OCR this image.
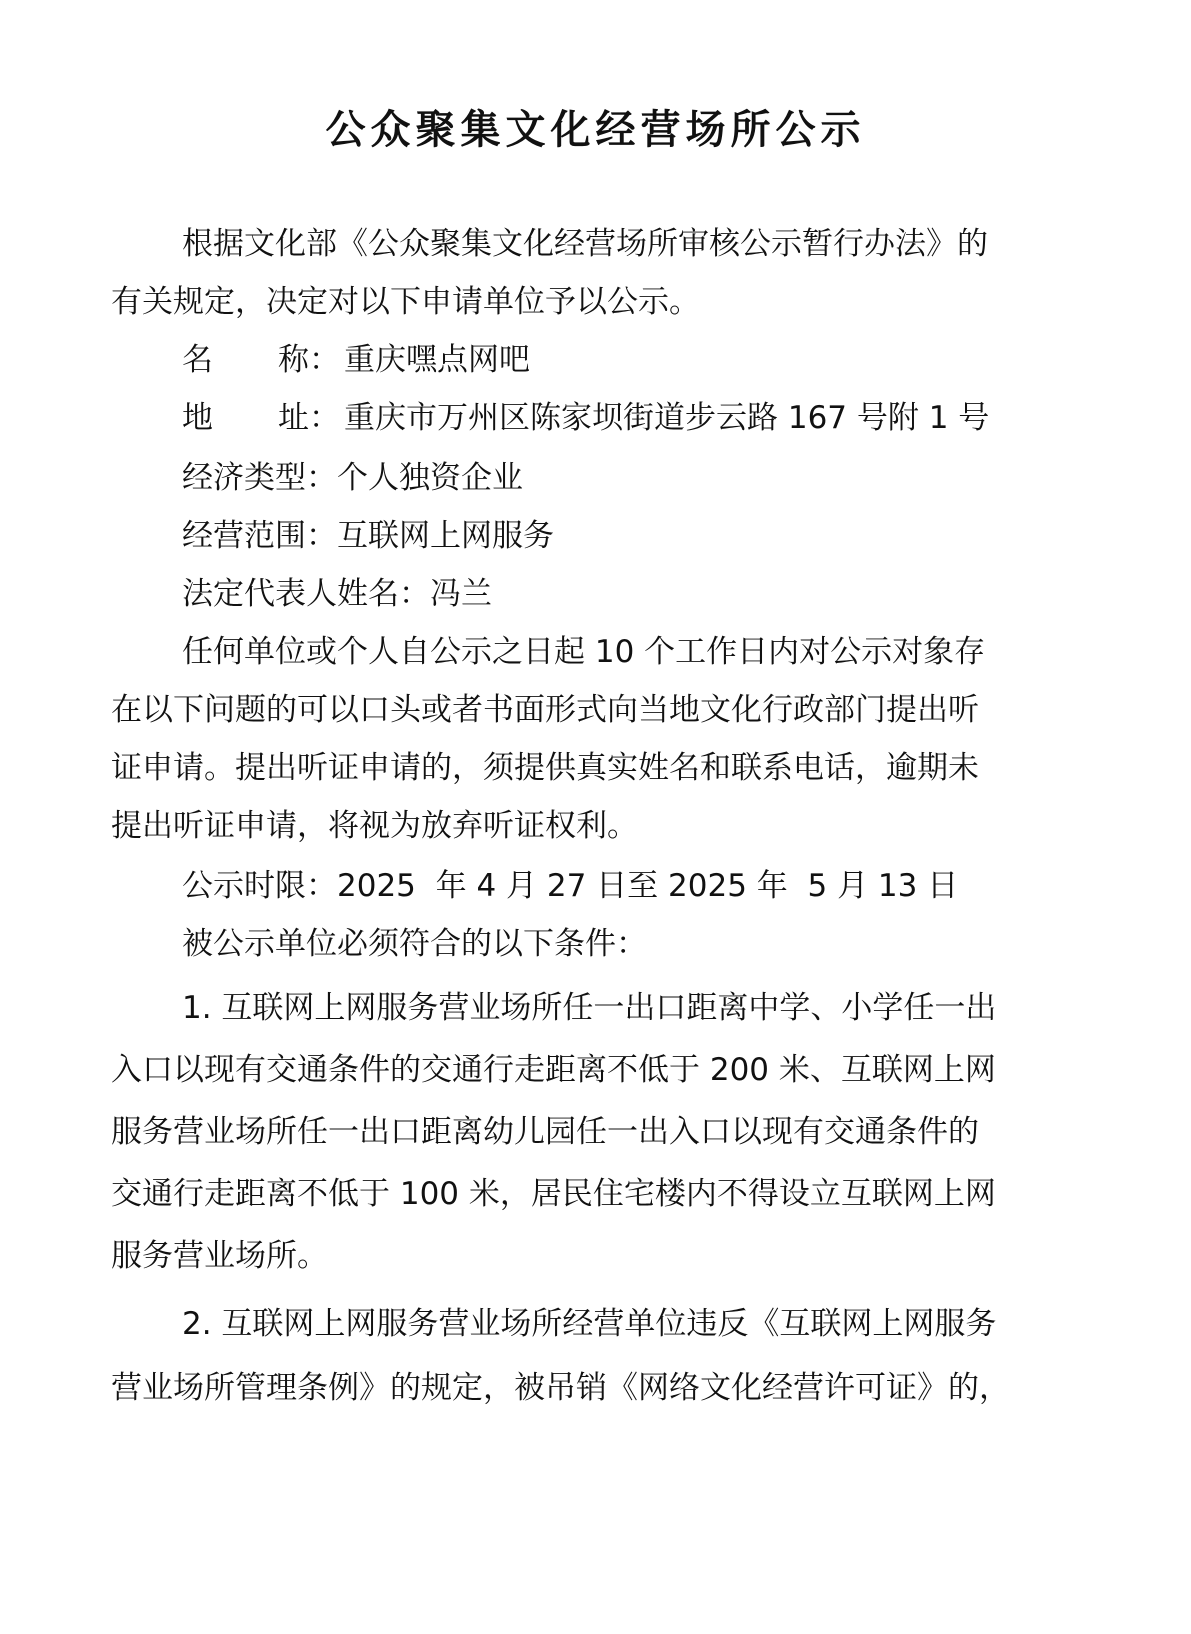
公众聚集文化经营场所公示
根据文化部《公众聚集文化经营场所审核公示暂行办法》的
有关规定，决定对以下申请单位予以公示。
名 称： 重庆嘿点网吧
地 址： 重庆市万州区陈家坝街道步云路 167 号附 1 号
经济类型：个人独资企业
经营范围：互联网上网服务
法定代表人姓名：冯兰
任何单位或个人自公示之日起 10 个工作日内对公示对象存
在以下问题的可以口头或者书面形式向当地文化行政部门提出听
证申请。提出听证申请的，须提供真实姓名和联系电话，逾期未
提出听证申请，将视为放弃听证权利。
公示时限：2025  年 4 月 27 日至 2025 年  5 月 13 日
被公示单位必须符合的以下条件：
1. 互联网上网服务营业场所任一出口距离中学、小学任一出
入口以现有交通条件的交通行走距离不低于 200 米、互联网上网
服务营业场所任一出口距离幼儿园任一出入口以现有交通条件的
交通行走距离不低于 100 米，居民住宅楼内不得设立互联网上网
服务营业场所。
2. 互联网上网服务营业场所经营单位违反《互联网上网服务
营业场所管理条例》的规定，被吊销《网络文化经营许可证》的，
